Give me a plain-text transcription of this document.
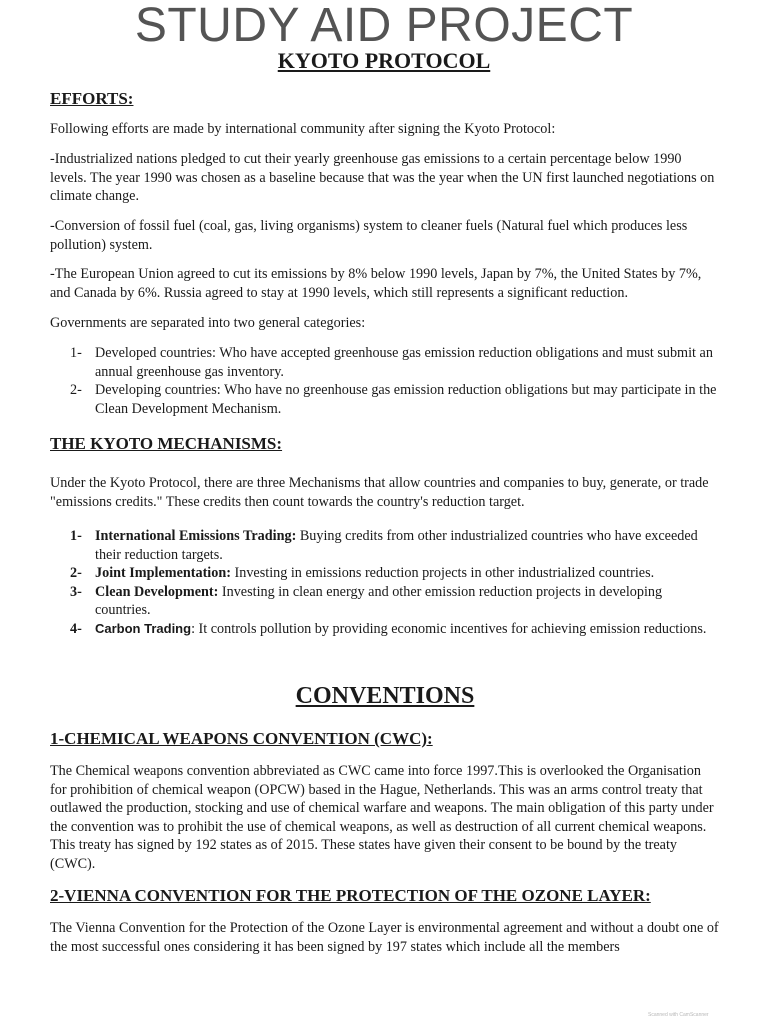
STUDY AID PROJECT
KYOTO PROTOCOL
EFFORTS:

Following efforts are made by international community after signing the Kyoto Protocol:

-Industrialized nations pledged to cut their yearly greenhouse gas emissions to a certain percentage below 1990 levels. The year 1990 was chosen as a baseline because that was the year when the UN first launched negotiations on climate change.

-Conversion of fossil fuel (coal, gas, living organisms) system to cleaner fuels (Natural fuel which produces less pollution) system.

-The European Union agreed to cut its emissions by 8% below 1990 levels, Japan by 7%, the United States by 7%, and Canada by 6%. Russia agreed to stay at 1990 levels, which still represents a significant reduction.

Governments are separated into two general categories:

1- Developed countries: Who have accepted greenhouse gas emission reduction obligations and must submit an annual greenhouse gas inventory.
2- Developing countries: Who have no greenhouse gas emission reduction obligations but may participate in the Clean Development Mechanism.
THE KYOTO MECHANISMS:

Under the Kyoto Protocol, there are three Mechanisms that allow countries and companies to buy, generate, or trade "emissions credits." These credits then count towards the country's reduction target.

1- International Emissions Trading: Buying credits from other industrialized countries who have exceeded their reduction targets.
2- Joint Implementation: Investing in emissions reduction projects in other industrialized countries.
3- Clean Development: Investing in clean energy and other emission reduction projects in developing countries.
4- Carbon Trading: It controls pollution by providing economic incentives for achieving emission reductions.
CONVENTIONS
1-CHEMICAL WEAPONS CONVENTION (CWC):

The Chemical weapons convention abbreviated as CWC came into force 1997.This is overlooked the Organisation for prohibition of chemical weapon (OPCW) based in the Hague, Netherlands. This was an arms control treaty that outlawed the production, stocking and use of chemical warfare and weapons. The main obligation of this party under the convention was to prohibit the use of chemical weapons, as well as destruction of all current chemical weapons. This treaty has signed by 192 states as of 2015. These states have given their consent to be bound by the treaty (CWC).

2-VIENNA CONVENTION FOR THE PROTECTION OF THE OZONE LAYER:

The Vienna Convention for the Protection of the Ozone Layer is environmental agreement and without a doubt one of the most successful ones considering it has been signed by 197 states which include all the members

Scanned with CamScanner
